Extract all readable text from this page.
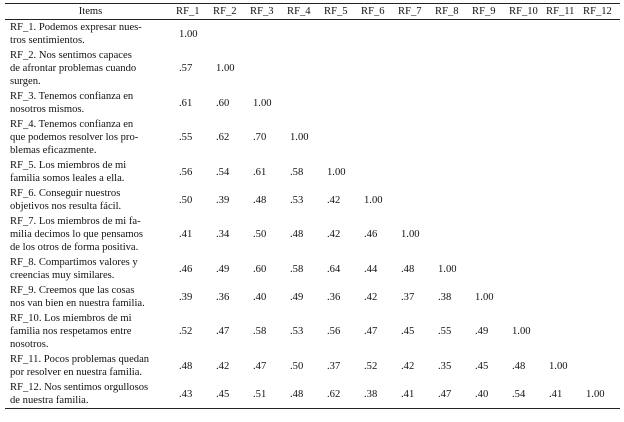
Items	RF_1	RF_2	RF_3	RF_4	RF_5	RF_6	RF_7	RF_8	RF_9	RF_10	RF_11	RF_12

RF_1. Podemos expresar nues-
tros sentimientos.	1.00											

RF_2. Nos sentimos capaces
de afrontar problemas cuando
surgen.	.57	1.00										

RF_3. Tenemos confianza en
nosotros mismos.	.61	.60	1.00									

RF_4. Tenemos confianza en
que podemos resolver los pro-
blemas eficazmente.	.55	.62	.70	1.00								

RF_5. Los miembros de mi
familia somos leales a ella.	.56	.54	.61	.58	1.00							

RF_6. Conseguir nuestros
objetivos nos resulta fácil.	.50	.39	.48	.53	.42	1.00						

RF_7. Los miembros de mi fa-
milia decimos lo que pensamos
de los otros de forma positiva.	.41	.34	.50	.48	.42	.46	1.00					

RF_8. Compartimos valores y
creencias muy similares.	.46	.49	.60	.58	.64	.44	.48	1.00				

RF_9. Creemos que las cosas
nos van bien en nuestra familia.	.39	.36	.40	.49	.36	.42	.37	.38	1.00			

RF_10. Los miembros de mi
familia nos respetamos entre
nosotros.	.52	.47	.58	.53	.56	.47	.45	.55	.49	1.00		

RF_11. Pocos problemas quedan
por resolver en nuestra familia.	.48	.42	.47	.50	.37	.52	.42	.35	.45	.48	1.00	

RF_12. Nos sentimos orgullosos
de nuestra familia.	.43	.45	.51	.48	.62	.38	.41	.47	.40	.54	.41	1.00
